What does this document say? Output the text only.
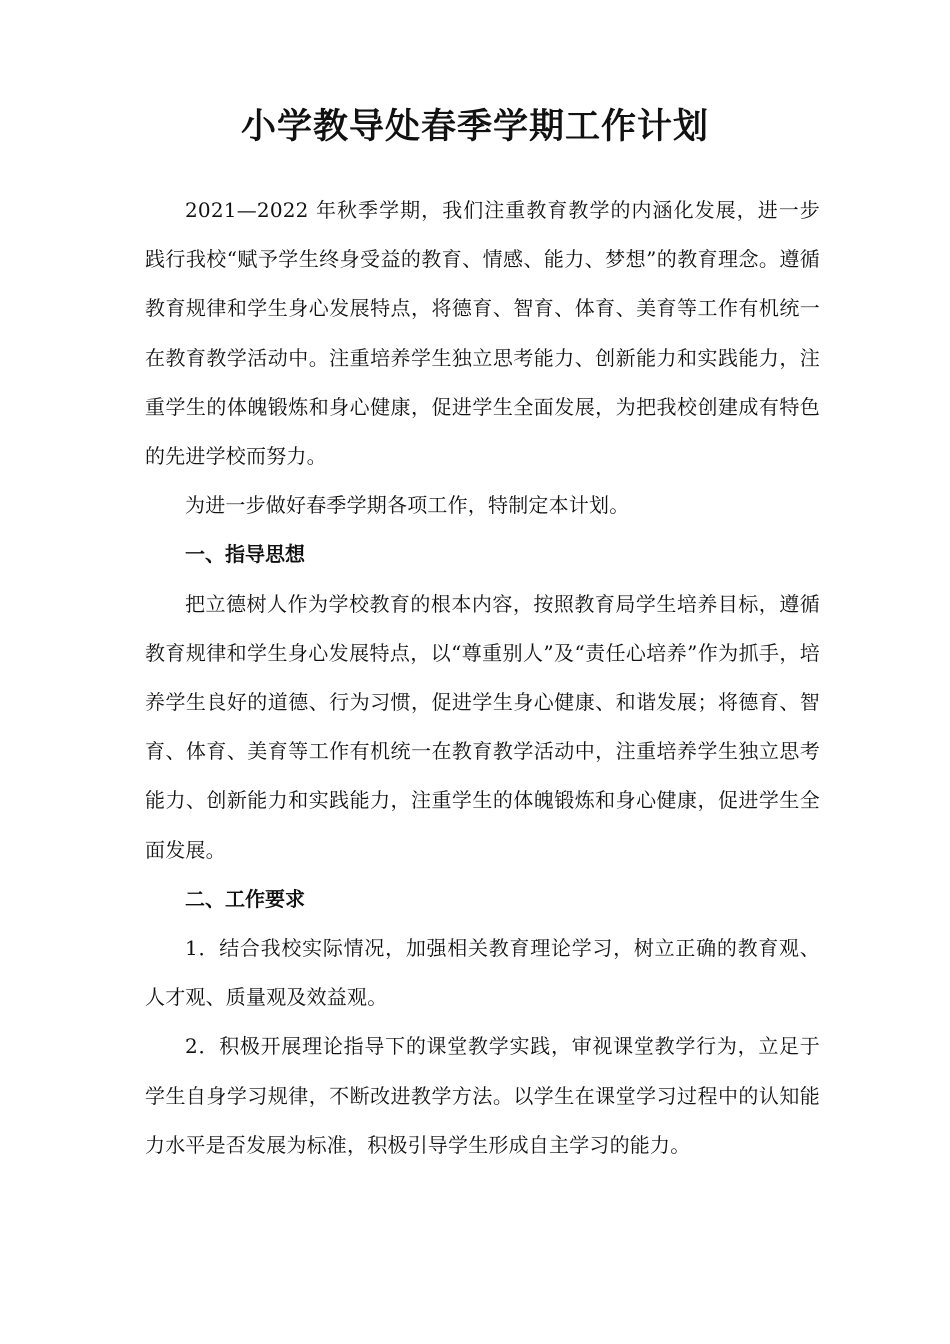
小学教导处春季学期工作计划

2021—2022 年秋季学期，我们注重教育教学的内涵化发展，进一步践行我校“赋予学生终身受益的教育、情感、能力、梦想”的教育理念。遵循教育规律和学生身心发展特点，将德育、智育、体育、美育等工作有机统一在教育教学活动中。注重培养学生独立思考能力、创新能力和实践能力，注重学生的体魄锻炼和身心健康，促进学生全面发展，为把我校创建成有特色的先进学校而努力。

为进一步做好春季学期各项工作，特制定本计划。

一、指导思想

把立德树人作为学校教育的根本内容，按照教育局学生培养目标，遵循教育规律和学生身心发展特点，以“尊重别人”及“责任心培养”作为抓手，培养学生良好的道德、行为习惯，促进学生身心健康、和谐发展；将德育、智育、体育、美育等工作有机统一在教育教学活动中，注重培养学生独立思考能力、创新能力和实践能力，注重学生的体魄锻炼和身心健康，促进学生全面发展。

二、工作要求

1．结合我校实际情况，加强相关教育理论学习，树立正确的教育观、人才观、质量观及效益观。

2．积极开展理论指导下的课堂教学实践，审视课堂教学行为，立足于学生自身学习规律，不断改进教学方法。以学生在课堂学习过程中的认知能力水平是否发展为标准，积极引导学生形成自主学习的能力。
